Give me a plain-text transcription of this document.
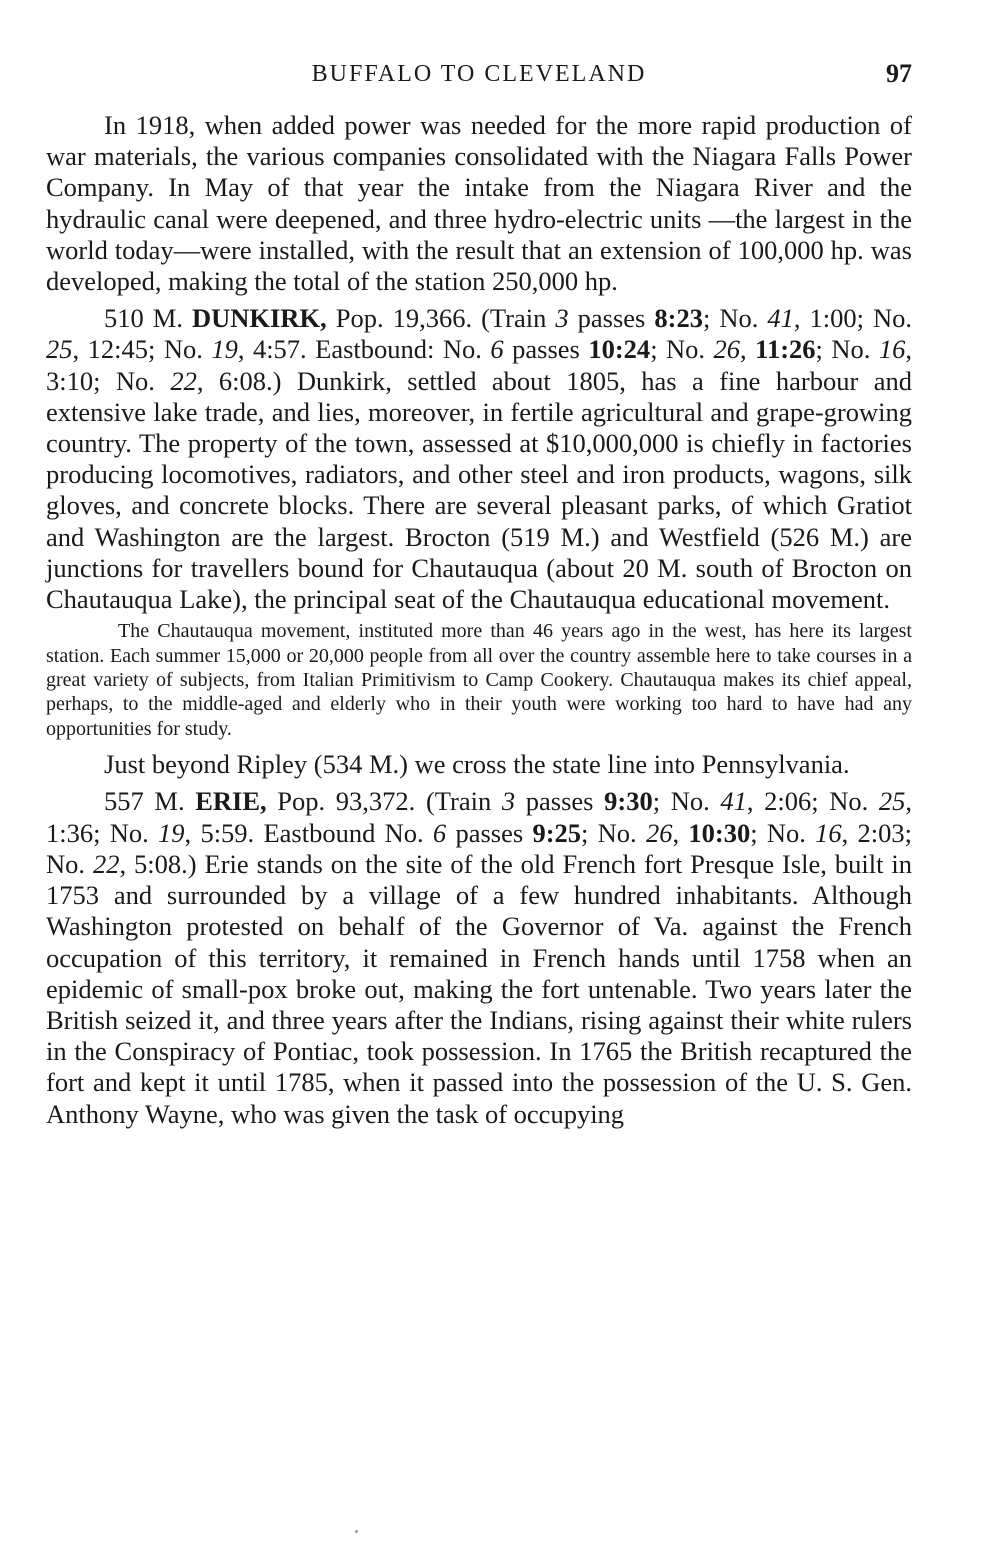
BUFFALO TO CLEVELAND	97

In 1918, when added power was needed for the more rapid production of war materials, the various companies consolidated with the Niagara Falls Power Company. In May of that year the intake from the Niagara River and the hydraulic canal were deepened, and three hydro-electric units —the largest in the world today—were installed, with the result that an extension of 100,000 hp. was developed, making the total of the station 250,000 hp.

510 M. DUNKIRK, Pop. 19,366. (Train 3 passes 8:23; No. 41, 1:00; No. 25, 12:45; No. 19, 4:57. Eastbound: No. 6 passes 10:24; No. 26, 11:26; No. 16, 3:10; No. 22, 6:08.) Dunkirk, settled about 1805, has a fine harbour and extensive lake trade, and lies, moreover, in fertile agricultural and grape-growing country. The property of the town, assessed at $10,000,000 is chiefly in factories producing locomotives, radiators, and other steel and iron products, wagons, silk gloves, and concrete blocks. There are several pleasant parks, of which Gratiot and Washington are the largest. Brocton (519 M.) and Westfield (526 M.) are junctions for travellers bound for Chautauqua (about 20 M. south of Brocton on Chautauqua Lake), the principal seat of the Chautauqua educational movement.

The Chautauqua movement, instituted more than 46 years ago in the west, has here its largest station. Each summer 15,000 or 20,000 people from all over the country assemble here to take courses in a great variety of subjects, from Italian Primitivism to Camp Cookery. Chautauqua makes its chief appeal, perhaps, to the middle-aged and elderly who in their youth were working too hard to have had any opportunities for study.

Just beyond Ripley (534 M.) we cross the state line into Pennsylvania.

557 M. ERIE, Pop. 93,372. (Train 3 passes 9:30; No. 41, 2:06; No. 25, 1:36; No. 19, 5:59. Eastbound No. 6 passes 9:25; No. 26, 10:30; No. 16, 2:03; No. 22, 5:08.) Erie stands on the site of the old French fort Presque Isle, built in 1753 and surrounded by a village of a few hundred inhabitants. Although Washington protested on behalf of the Governor of Va. against the French occupation of this territory, it remained in French hands until 1758 when an epidemic of small-pox broke out, making the fort untenable. Two years later the British seized it, and three years after the Indians, rising against their white rulers in the Conspiracy of Pontiac, took possession. In 1765 the British recaptured the fort and kept it until 1785, when it passed into the possession of the U. S. Gen. Anthony Wayne, who was given the task of occupying
